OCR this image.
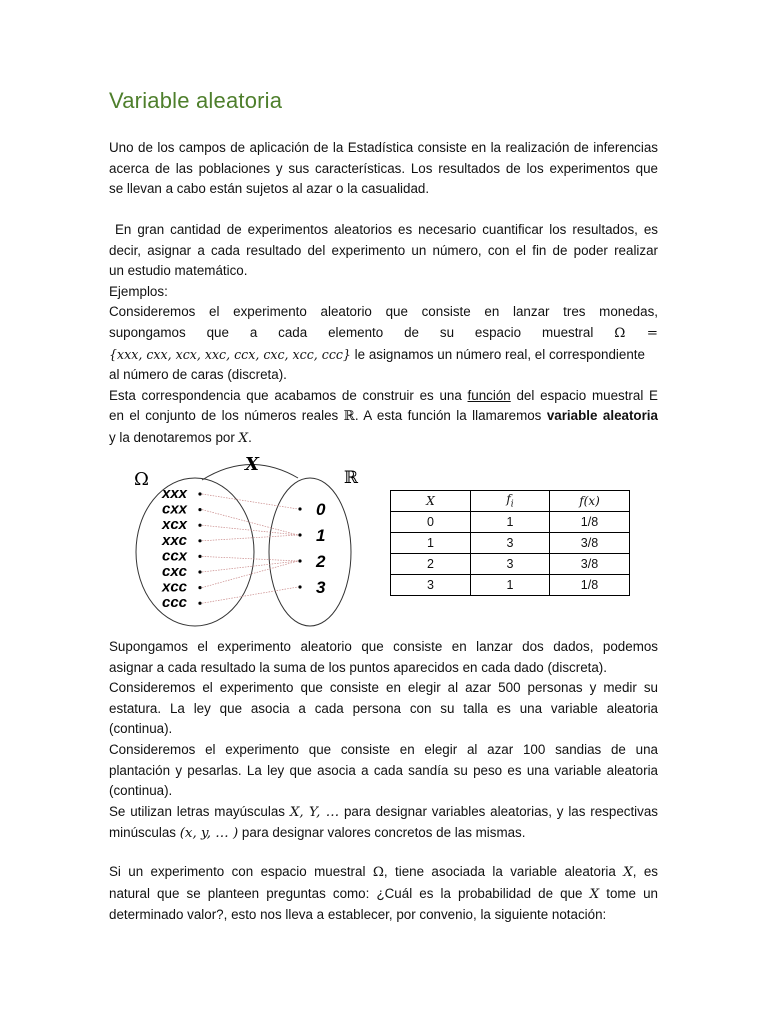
Variable aleatoria
Uno de los campos de aplicación de la Estadística consiste en la realización de inferencias
acerca de las poblaciones y sus características. Los resultados de los experimentos que
se llevan a cabo están sujetos al azar o la casualidad.
En gran cantidad de experimentos aleatorios es necesario cuantificar los resultados, es
decir, asignar a cada resultado del experimento un número, con el fin de poder realizar
un estudio matemático.
Ejemplos:
Consideremos el experimento aleatorio que consiste en lanzar tres monedas,
supongamos que a cada elemento de su espacio muestral Ω =
{xxx, cxx, xcx, xxc, ccx, cxc, xcc, ccc} le asignamos un número real, el correspondiente
al número de caras (discreta).
Esta correspondencia que acabamos de construir es una función del espacio muestral E
en el conjunto de los números reales ℝ. A esta función la llamaremos variable aleatoria
y la denotaremos por X.
Ω
X
ℝ
xxx
cxx
xcx
xxc
ccx
cxc
xcc
ccc
0
1
2
3
X	$f_i$	f(x)
0	1	1/8
1	3	3/8
2	3	3/8
3	1	1/8
Supongamos el experimento aleatorio que consiste en lanzar dos dados, podemos
asignar a cada resultado la suma de los puntos aparecidos en cada dado (discreta).
Consideremos el experimento que consiste en elegir al azar 500 personas y medir su
estatura. La ley que asocia a cada persona con su talla es una variable aleatoria
(continua).
Consideremos el experimento que consiste en elegir al azar 100 sandias de una
plantación y pesarlas. La ley que asocia a cada sandía su peso es una variable aleatoria
(continua).
Se utilizan letras mayúsculas X, Y, … para designar variables aleatorias, y las respectivas
minúsculas (x, y, … ) para designar valores concretos de las mismas.
Si un experimento con espacio muestral Ω, tiene asociada la variable aleatoria X, es
natural que se planteen preguntas como: ¿Cuál es la probabilidad de que X tome un
determinado valor?, esto nos lleva a establecer, por convenio, la siguiente notación:
